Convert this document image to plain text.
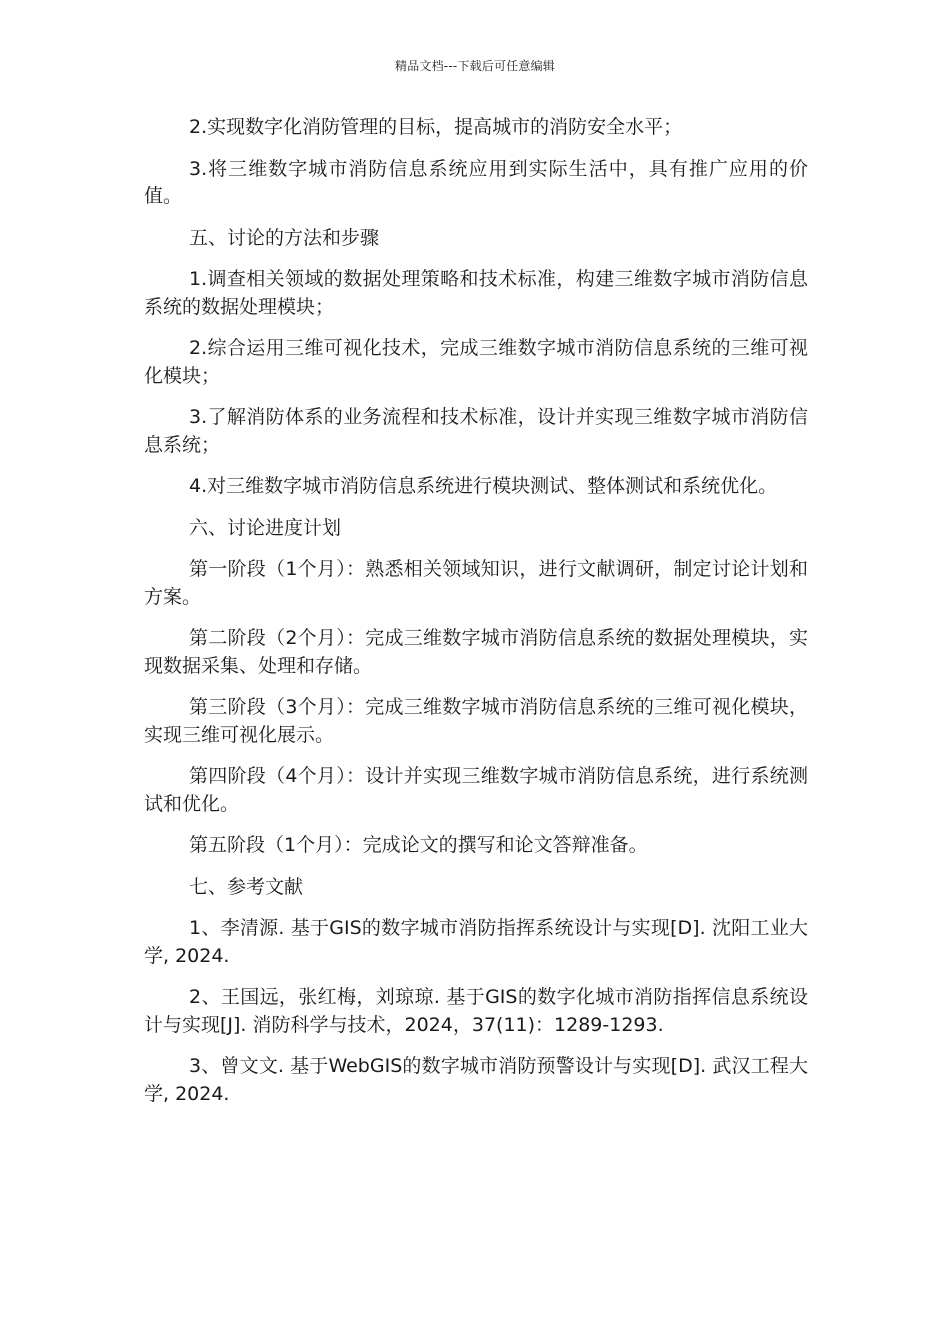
精品文档---下载后可任意编辑

2.实现数字化消防管理的目标，提高城市的消防安全水平；

3.将三维数字城市消防信息系统应用到实际生活中，具有推广应用的价值。

五、讨论的方法和步骤

1.调查相关领域的数据处理策略和技术标准，构建三维数字城市消防信息系统的数据处理模块；

2.综合运用三维可视化技术，完成三维数字城市消防信息系统的三维可视化模块；

3.了解消防体系的业务流程和技术标准，设计并实现三维数字城市消防信息系统；

4.对三维数字城市消防信息系统进行模块测试、整体测试和系统优化。

六、讨论进度计划

第一阶段（1个月）：熟悉相关领域知识，进行文献调研，制定讨论计划和方案。

第二阶段（2个月）：完成三维数字城市消防信息系统的数据处理模块，实现数据采集、处理和存储。

第三阶段（3个月）：完成三维数字城市消防信息系统的三维可视化模块，实现三维可视化展示。

第四阶段（4个月）：设计并实现三维数字城市消防信息系统，进行系统测试和优化。

第五阶段（1个月）：完成论文的撰写和论文答辩准备。

七、参考文献

1、李清源. 基于GIS的数字城市消防指挥系统设计与实现[D]. 沈阳工业大学, 2024.

2、王国远，张红梅，刘琼琼. 基于GIS的数字化城市消防指挥信息系统设计与实现[J]. 消防科学与技术，2024，37(11)：1289-1293.

3、曾文文. 基于WebGIS的数字城市消防预警设计与实现[D]. 武汉工程大学, 2024.
